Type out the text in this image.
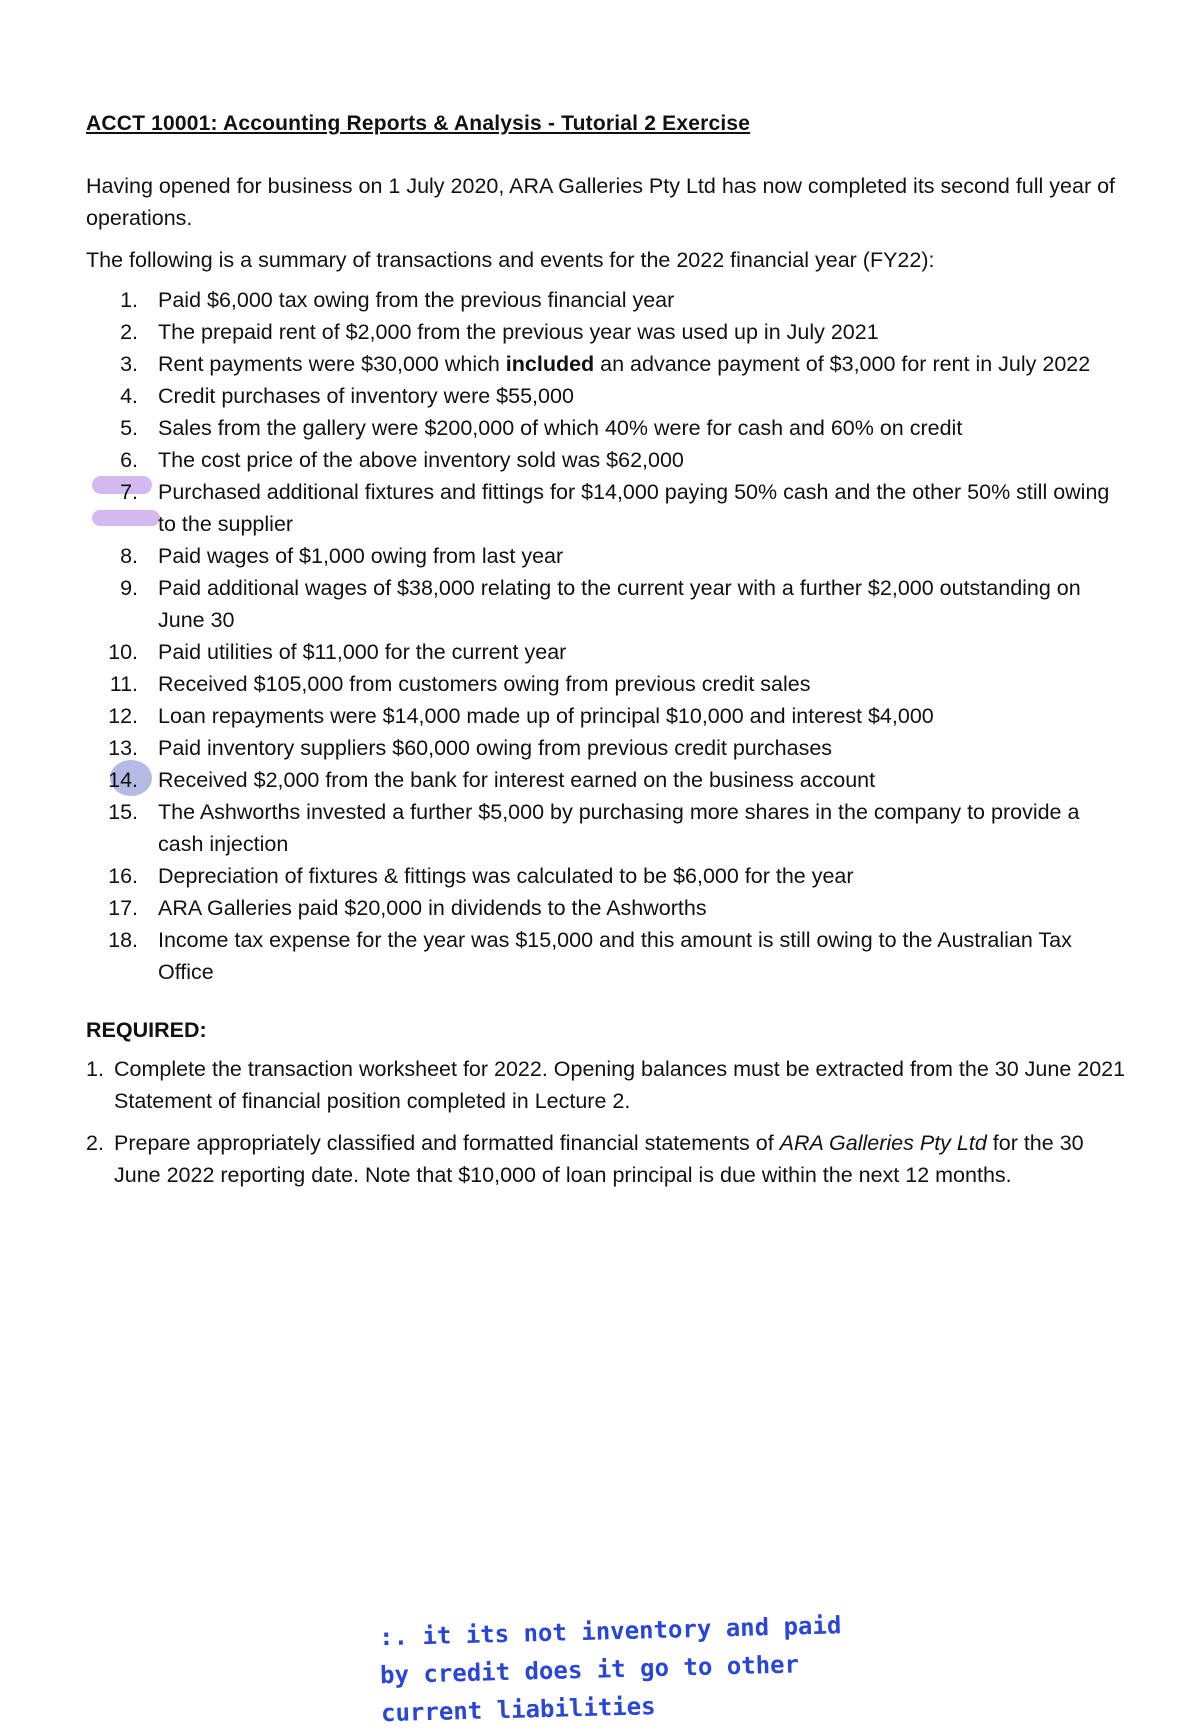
ACCT 10001: Accounting Reports & Analysis - Tutorial 2 Exercise

Having opened for business on 1 July 2020, ARA Galleries Pty Ltd has now completed its second full year of operations.

The following is a summary of transactions and events for the 2022 financial year (FY22):

1. Paid $6,000 tax owing from the previous financial year
2. The prepaid rent of $2,000 from the previous year was used up in July 2021
3. Rent payments were $30,000 which included an advance payment of $3,000 for rent in July 2022
4. Credit purchases of inventory were $55,000
5. Sales from the gallery were $200,000 of which 40% were for cash and 60% on credit
6. The cost price of the above inventory sold was $62,000
7. Purchased additional fixtures and fittings for $14,000 paying 50% cash and the other 50% still owing to the supplier
8. Paid wages of $1,000 owing from last year
9. Paid additional wages of $38,000 relating to the current year with a further $2,000 outstanding on June 30
10. Paid utilities of $11,000 for the current year
11. Received $105,000 from customers owing from previous credit sales
12. Loan repayments were $14,000 made up of principal $10,000 and interest $4,000
13. Paid inventory suppliers $60,000 owing from previous credit purchases
14. Received $2,000 from the bank for interest earned on the business account
15. The Ashworths invested a further $5,000 by purchasing more shares in the company to provide a cash injection
16. Depreciation of fixtures & fittings was calculated to be $6,000 for the year
17. ARA Galleries paid $20,000 in dividends to the Ashworths
18. Income tax expense for the year was $15,000 and this amount is still owing to the Australian Tax Office
REQUIRED:
1. Complete the transaction worksheet for 2022. Opening balances must be extracted from the 30 June 2021 Statement of financial position completed in Lecture 2.
2. Prepare appropriately classified and formatted financial statements of ARA Galleries Pty Ltd for the 30 June 2022 reporting date. Note that $10,000 of loan principal is due within the next 12 months.
:. it its not inventory and paid by credit does it go to other current liabilities
